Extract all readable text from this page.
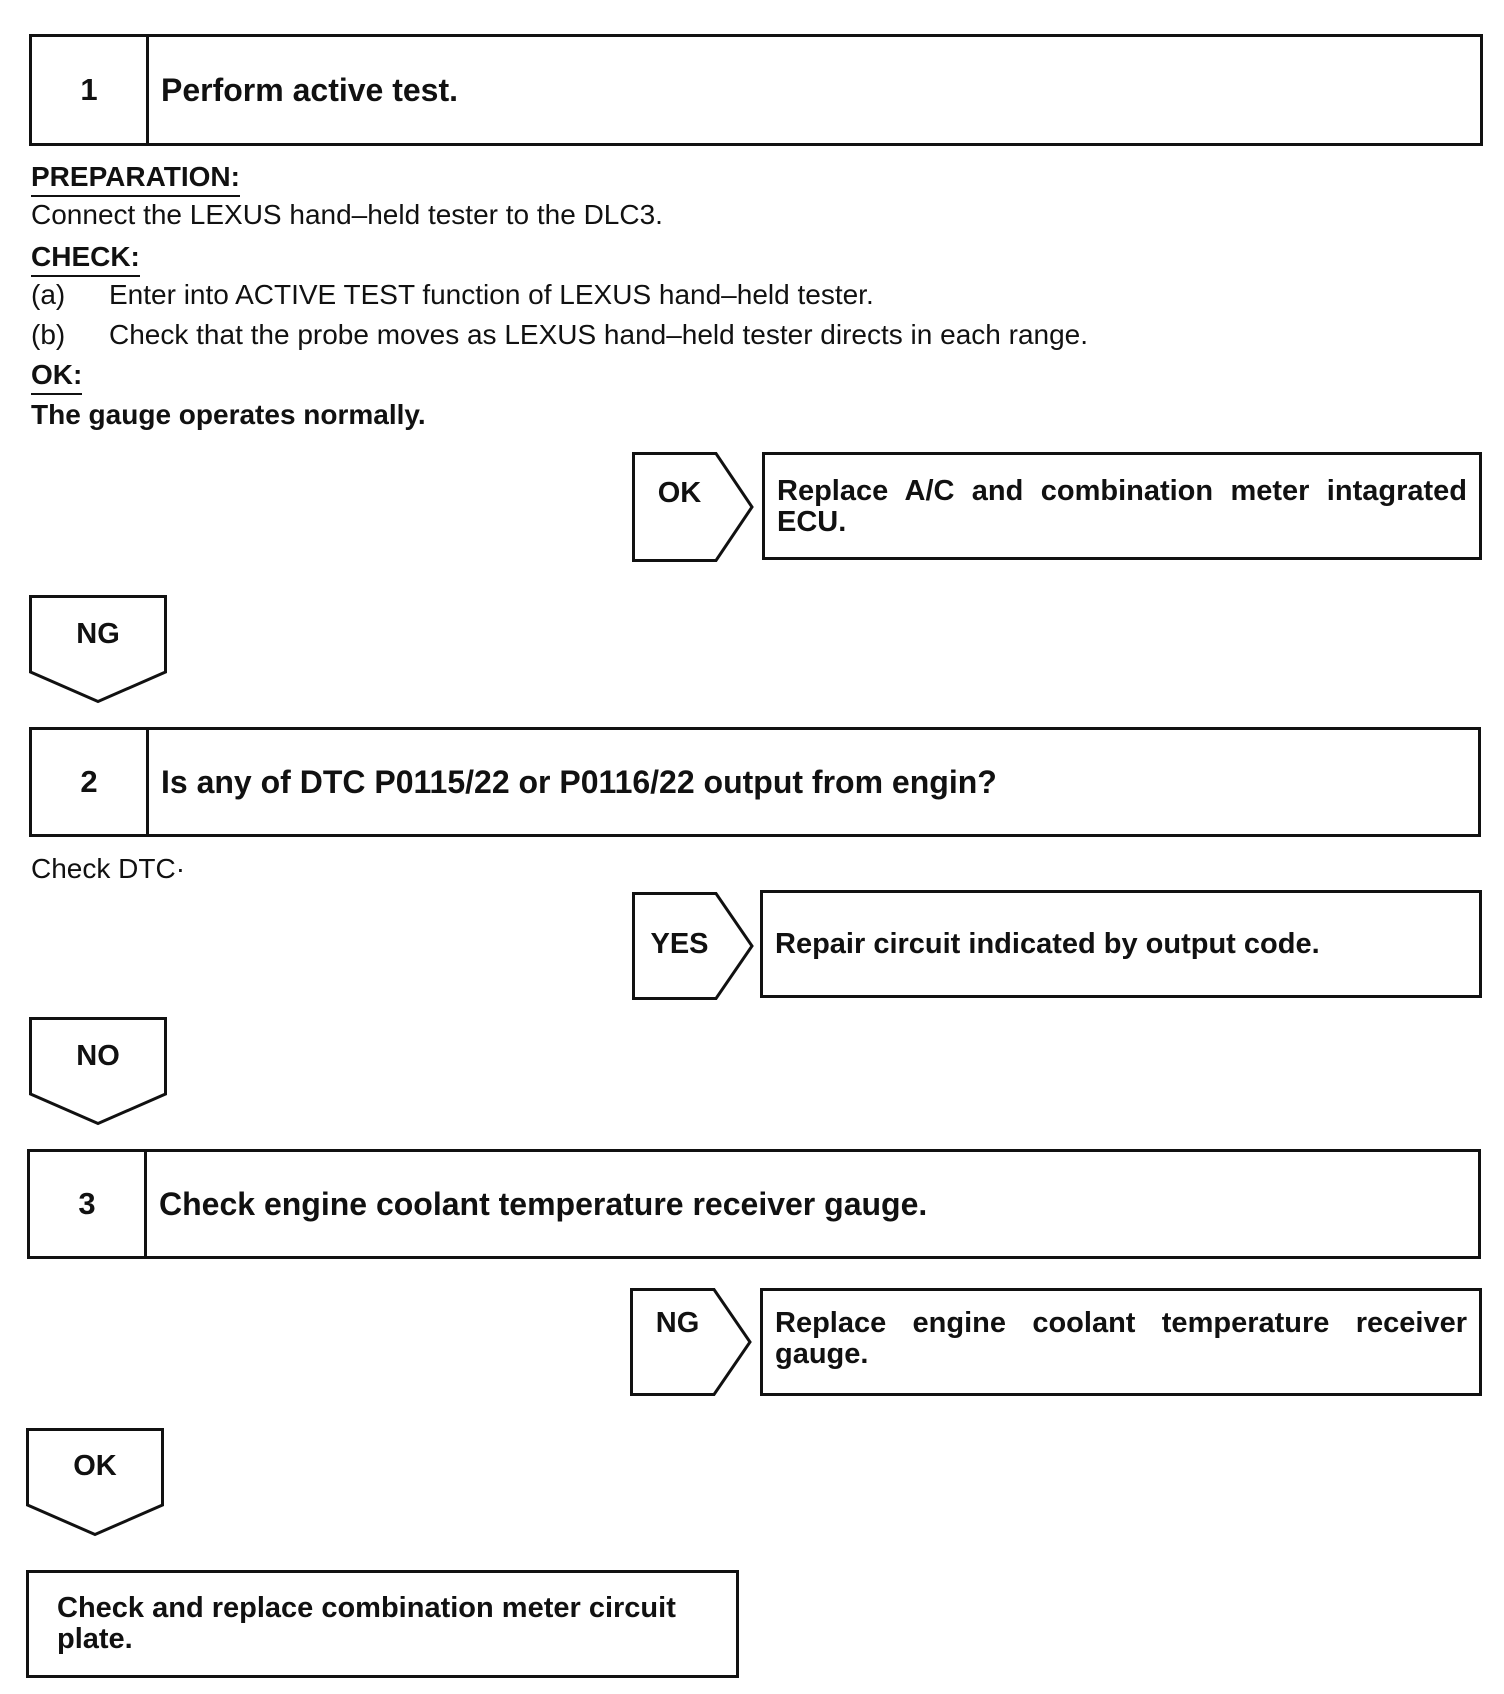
1	Perform active test.
PREPARATION:
Connect the LEXUS hand–held tester to the DLC3.
CHECK:
(a) Enter into ACTIVE TEST function of LEXUS hand–held tester.
(b) Check that the probe moves as LEXUS hand–held tester directs in each range.
OK:
The gauge operates normally.
OK	Replace A/C and combination meter intagrated ECU.
NG
2	Is any of DTC P0115/22 or P0116/22 output from engin?
Check DTC·
YES	Repair circuit indicated by output code.
NO
3	Check engine coolant temperature receiver gauge.
NG	Replace engine coolant temperature receiver gauge.
OK
Check and replace combination meter circuit plate.
